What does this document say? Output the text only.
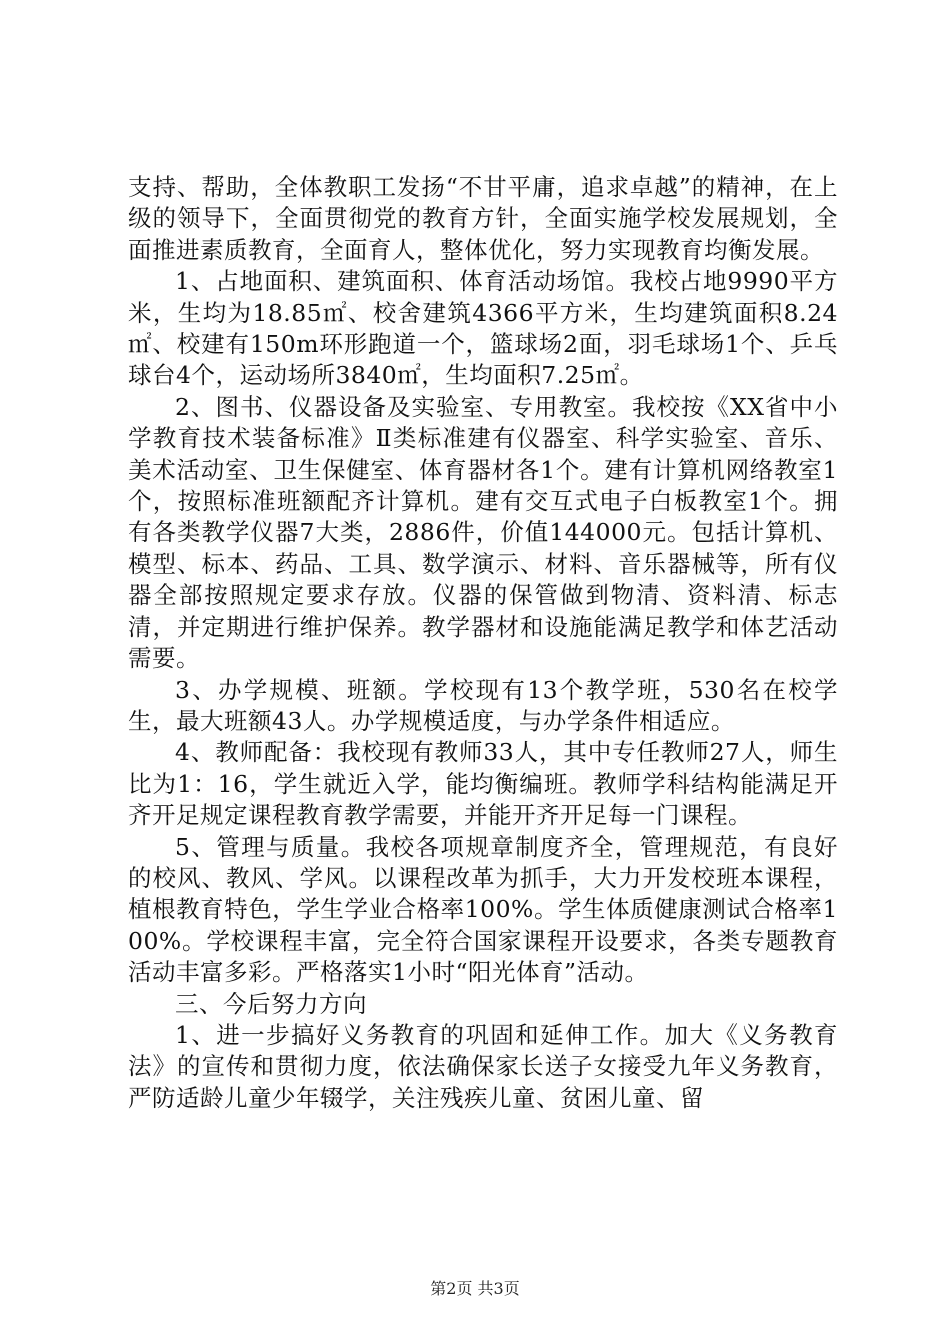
支持、帮助，全体教职工发扬“不甘平庸，追求卓越”的精神，在上级的领导下，全面贯彻党的教育方针，全面实施学校发展规划，全面推进素质教育，全面育人，整体优化，努力实现教育均衡发展。

1、占地面积、建筑面积、体育活动场馆。我校占地9990平方米，生均为18.85㎡、校舍建筑4366平方米，生均建筑面积8.24㎡、校建有150m环形跑道一个，篮球场2面，羽毛球场1个、乒乓球台4个，运动场所3840㎡，生均面积7.25㎡。

2、图书、仪器设备及实验室、专用教室。我校按《XX省中小学教育技术装备标准》Ⅱ类标准建有仪器室、科学实验室、音乐、美术活动室、卫生保健室、体育器材各1个。建有计算机网络教室1个，按照标准班额配齐计算机。建有交互式电子白板教室1个。拥有各类教学仪器7大类，2886件，价值144000元。包括计算机、模型、标本、药品、工具、数学演示、材料、音乐器械等，所有仪器全部按照规定要求存放。仪器的保管做到物清、资料清、标志清，并定期进行维护保养。教学器材和设施能满足教学和体艺活动需要。

3、办学规模、班额。学校现有13个教学班，530名在校学生，最大班额43人。办学规模适度，与办学条件相适应。

4、教师配备：我校现有教师33人，其中专任教师27人，师生比为1：16，学生就近入学，能均衡编班。教师学科结构能满足开齐开足规定课程教育教学需要，并能开齐开足每一门课程。

5、管理与质量。我校各项规章制度齐全，管理规范，有良好的校风、教风、学风。以课程改革为抓手，大力开发校班本课程，植根教育特色，学生学业合格率100%。学生体质健康测试合格率100%。学校课程丰富，完全符合国家课程开设要求，各类专题教育活动丰富多彩。严格落实1小时“阳光体育”活动。

三、今后努力方向

1、进一步搞好义务教育的巩固和延伸工作。加大《义务教育法》的宣传和贯彻力度，依法确保家长送子女接受九年义务教育，严防适龄儿童少年辍学，关注残疾儿童、贫困儿童、留

第2页 共3页
